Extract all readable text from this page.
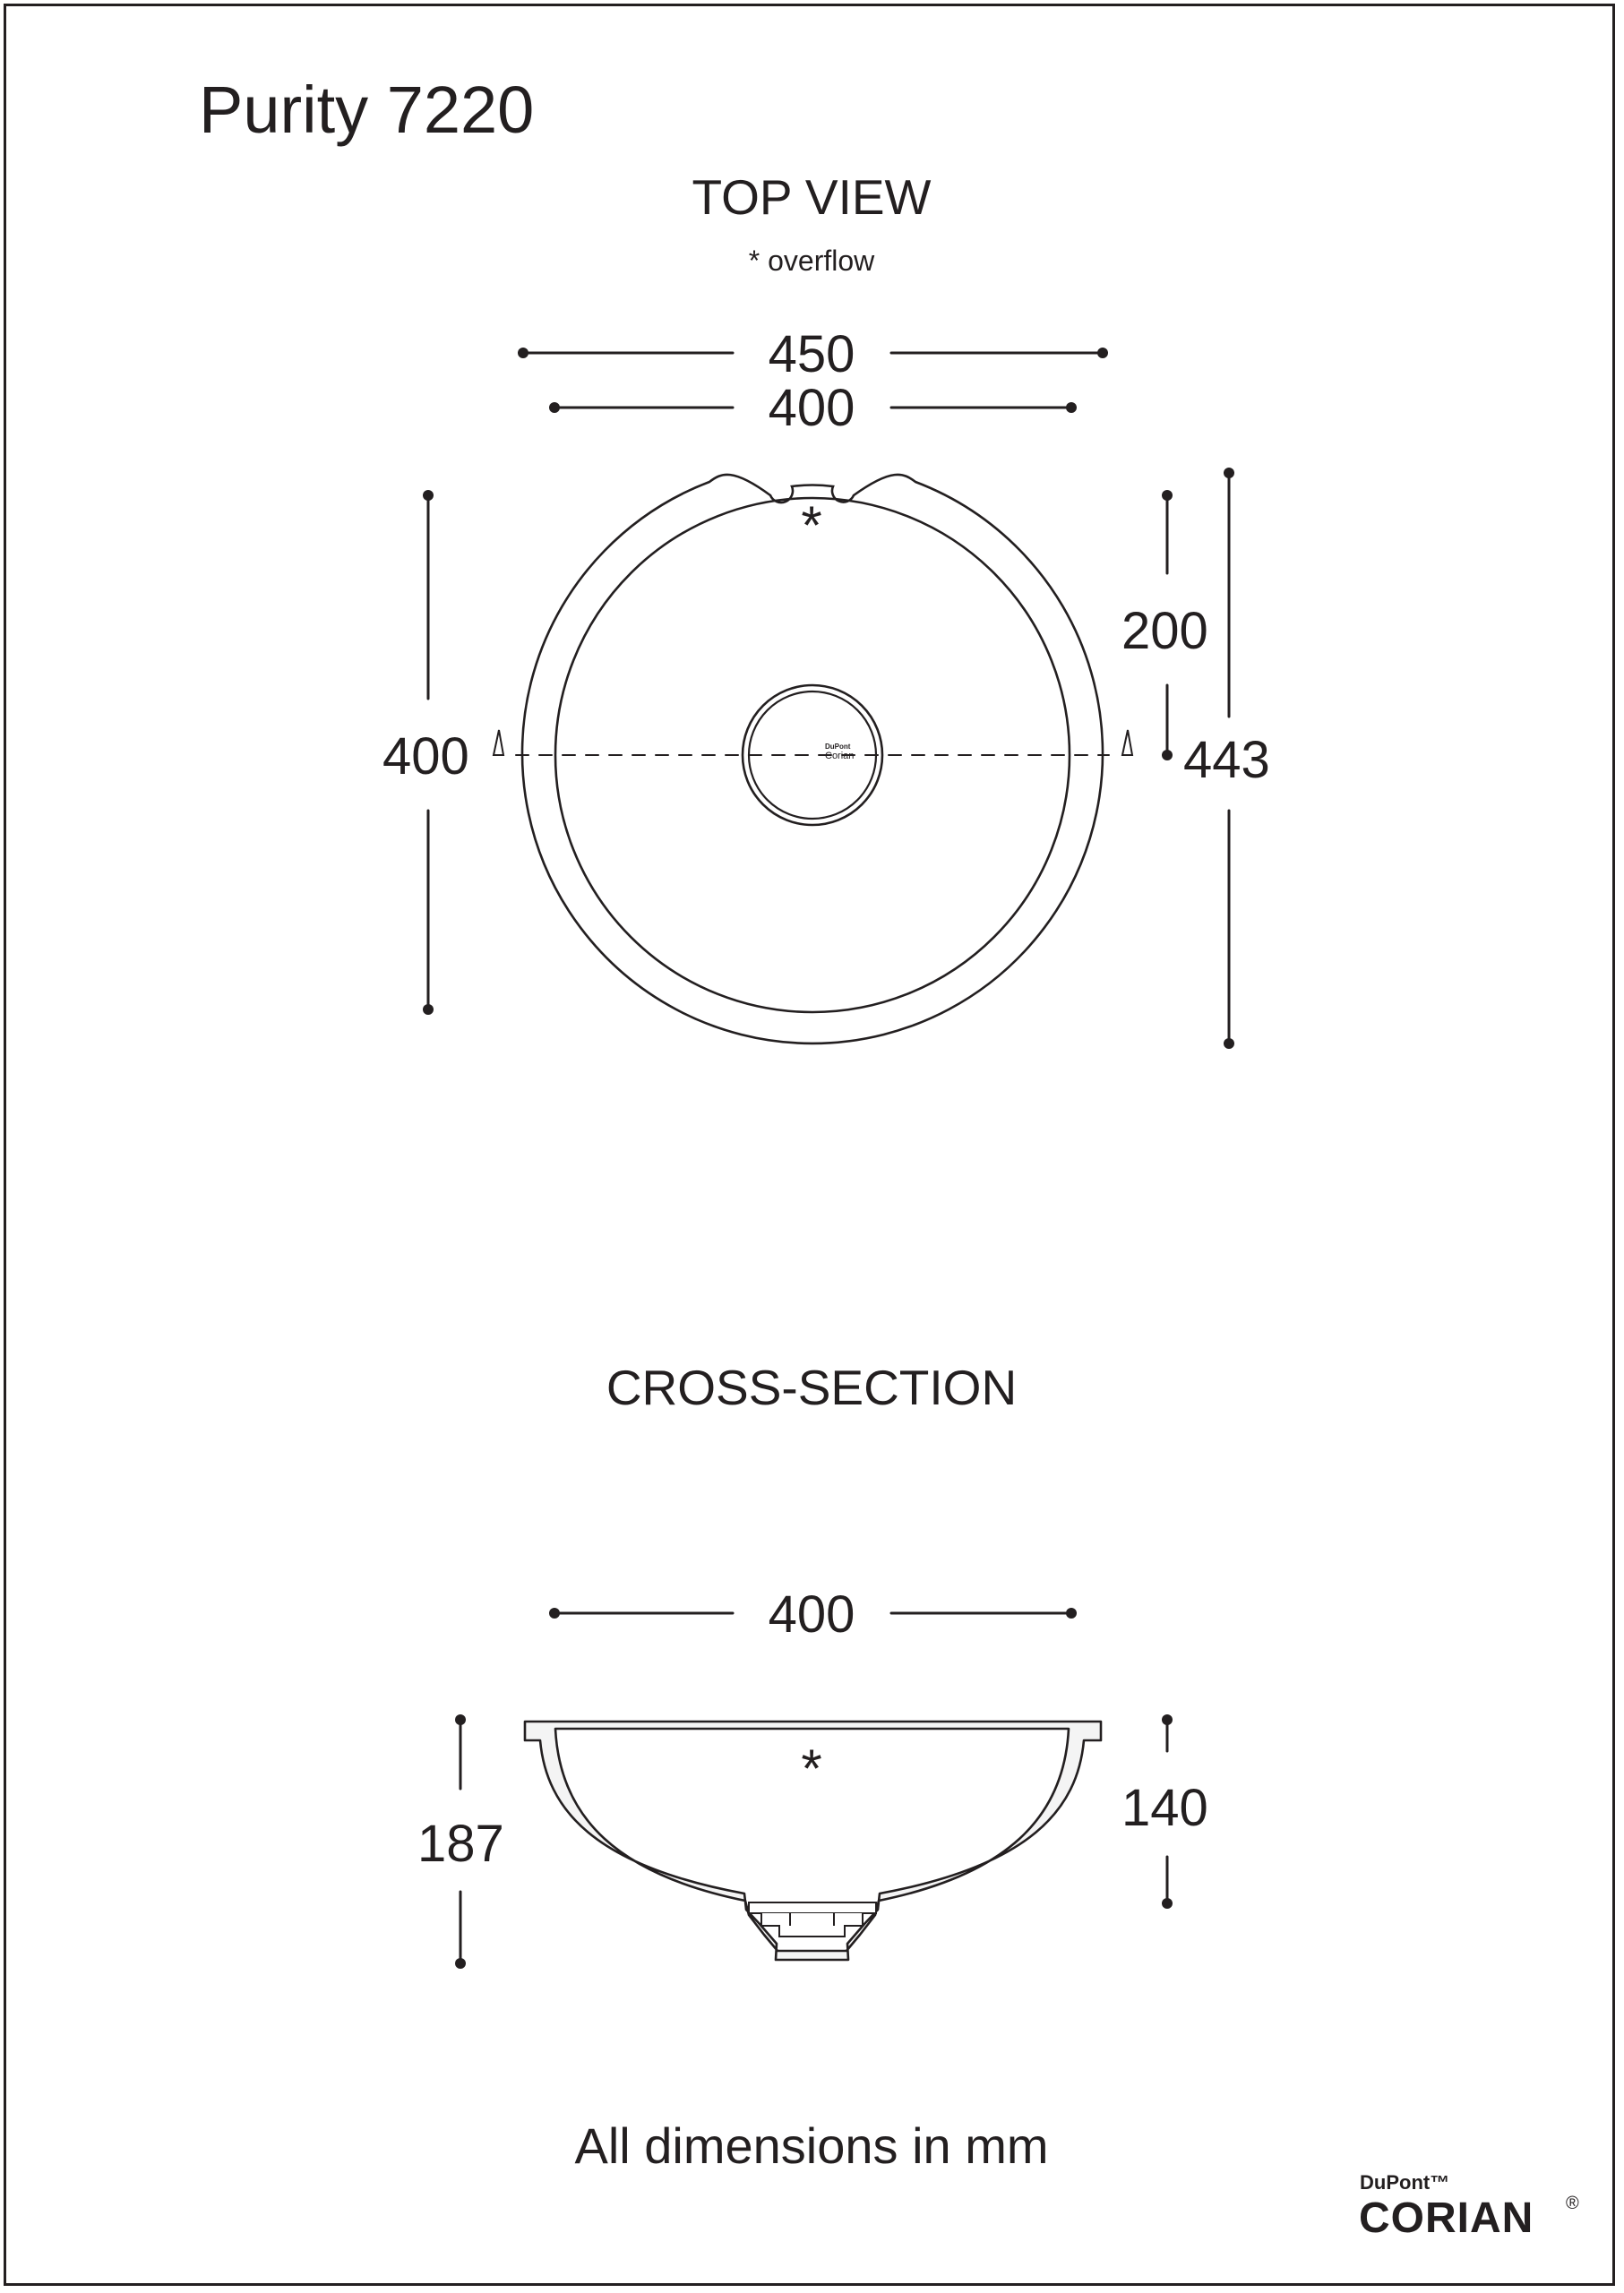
Purity 7220
TOP VIEW
* overflow
450
400
*
400
200
443
DuPont
Corian
CROSS-SECTION
400
*
187
140
All dimensions in mm
DuPont™
CORIAN ®
